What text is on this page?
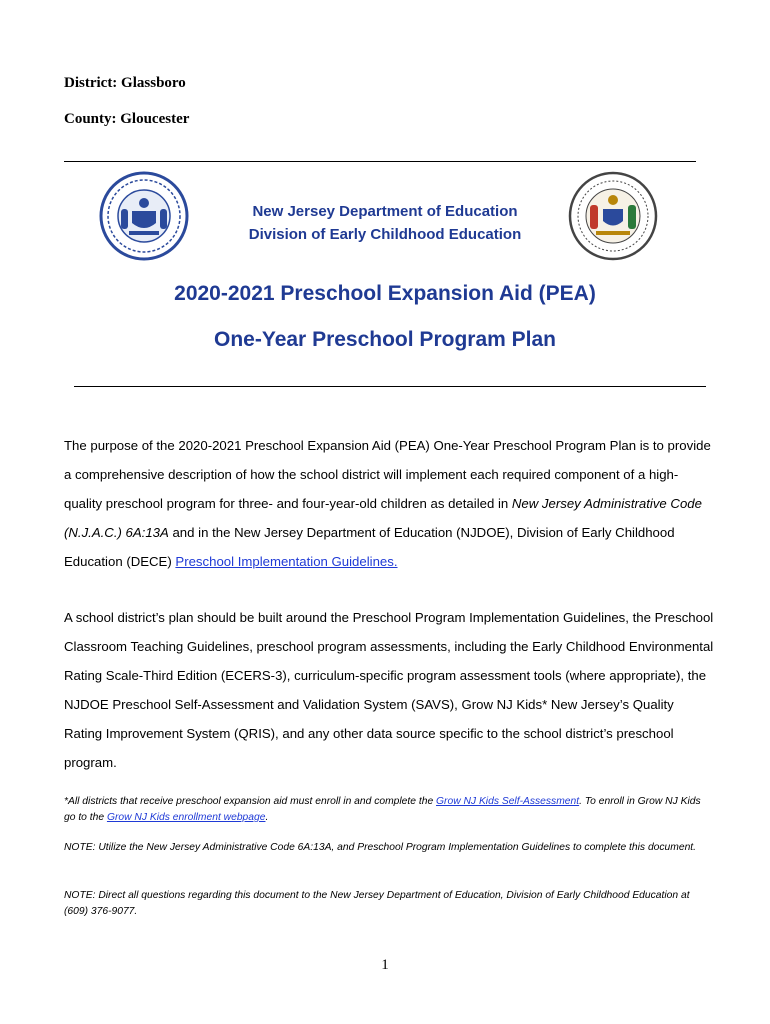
District: Glassboro
County: Gloucester
New Jersey Department of Education
Division of Early Childhood Education
2020-2021 Preschool Expansion Aid (PEA)
One-Year Preschool Program Plan
The purpose of the 2020-2021 Preschool Expansion Aid (PEA) One-Year Preschool Program Plan is to provide a comprehensive description of how the school district will implement each required component of a high-quality preschool program for three- and four-year-old children as detailed in New Jersey Administrative Code (N.J.A.C.) 6A:13A and in the New Jersey Department of Education (NJDOE), Division of Early Childhood Education (DECE) Preschool Implementation Guidelines.
A school district’s plan should be built around the Preschool Program Implementation Guidelines, the Preschool Classroom Teaching Guidelines, preschool program assessments, including the Early Childhood Environmental Rating Scale-Third Edition (ECERS-3), curriculum-specific program assessment tools (where appropriate), the NJDOE Preschool Self-Assessment and Validation System (SAVS), Grow NJ Kids* New Jersey’s Quality Rating Improvement System (QRIS), and any other data source specific to the school district’s preschool program.
*All districts that receive preschool expansion aid must enroll in and complete the Grow NJ Kids Self-Assessment. To enroll in Grow NJ Kids go to the Grow NJ Kids enrollment webpage.
NOTE: Utilize the New Jersey Administrative Code 6A:13A, and Preschool Program Implementation Guidelines to complete this document.
NOTE: Direct all questions regarding this document to the New Jersey Department of Education, Division of Early Childhood Education at (609) 376-9077.
1
